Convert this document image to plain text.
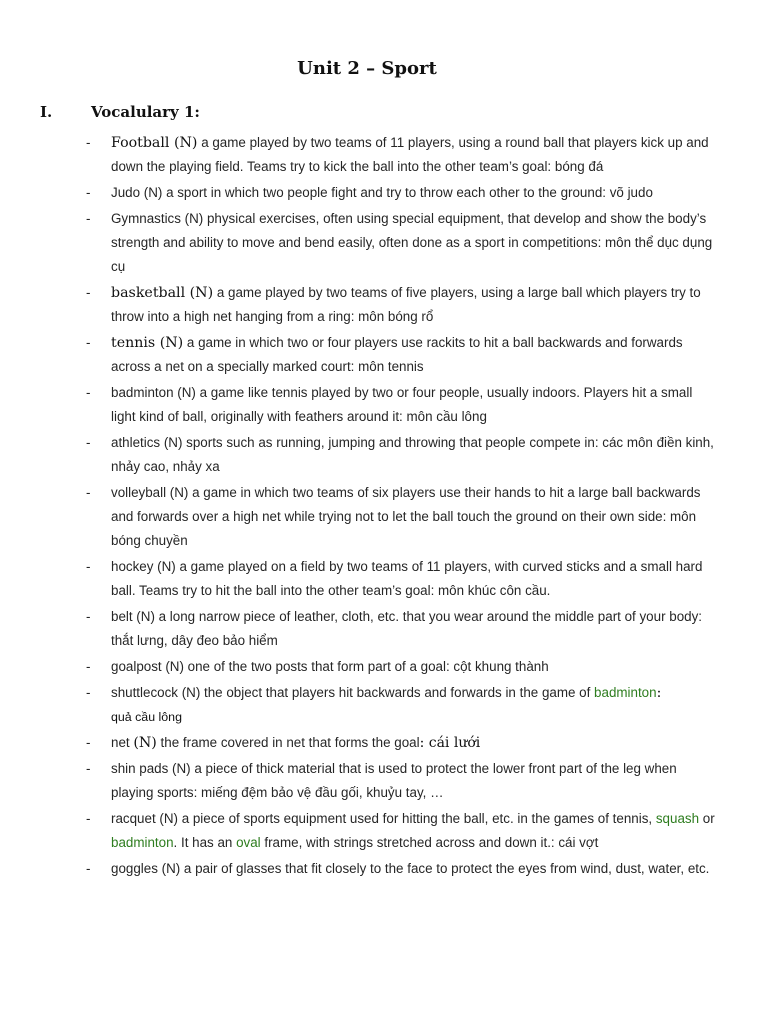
Unit 2 – Sport
I.	Vocalulary 1:
- Football (N) a game played by two teams of 11 players, using a round ball that players kick up and down the playing field. Teams try to kick the ball into the other team’s goal: bóng đá
- Judo (N) a sport in which two people fight and try to throw each other to the ground: võ judo
- Gymnastics (N) physical exercises, often using special equipment, that develop and show the body’s strength and ability to move and bend easily, often done as a sport in competitions: môn thể dục dụng cụ
- basketball (N) a game played by two teams of five players, using a large ball which players try to throw into a high net hanging from a ring: môn bóng rổ
- tennis (N) a game in which two or four players use rackits to hit a ball backwards and forwards across a net on a specially marked court: môn tennis
- badminton (N) a game like tennis played by two or four people, usually indoors. Players hit a small light kind of ball, originally with feathers around it: môn cầu lông
- athletics (N) sports such as running, jumping and throwing that people compete in: các môn điền kinh, nhảy cao, nhảy xa
- volleyball (N) a game in which two teams of six players use their hands to hit a large ball backwards and forwards over a high net while trying not to let the ball touch the ground on their own side: môn bóng chuyền
- hockey (N) a game played on a field by two teams of 11 players, with curved sticks and a small hard ball. Teams try to hit the ball into the other team’s goal: môn khúc côn cầu.
- belt (N) a long narrow piece of leather, cloth, etc. that you wear around the middle part of your body: thắt lưng, dây đeo bảo hiểm
- goalpost (N) one of the two posts that form part of a goal: cột khung thành
- shuttlecock (N) the object that players hit backwards and forwards in the game of badminton:
quả cầu lông
- net (N) the frame covered in net that forms the goal: cái lưới
- shin pads (N) a piece of thick material that is used to protect the lower front part of the leg when playing sports: miếng đệm bảo vệ đầu gối, khuỷu tay, …
- racquet (N) a piece of sports equipment used for hitting the ball, etc. in the games of tennis, squash or badminton. It has an oval frame, with strings stretched across and down it.: cái vợt
- goggles (N) a pair of glasses that fit closely to the face to protect the eyes from wind, dust, water, etc.
